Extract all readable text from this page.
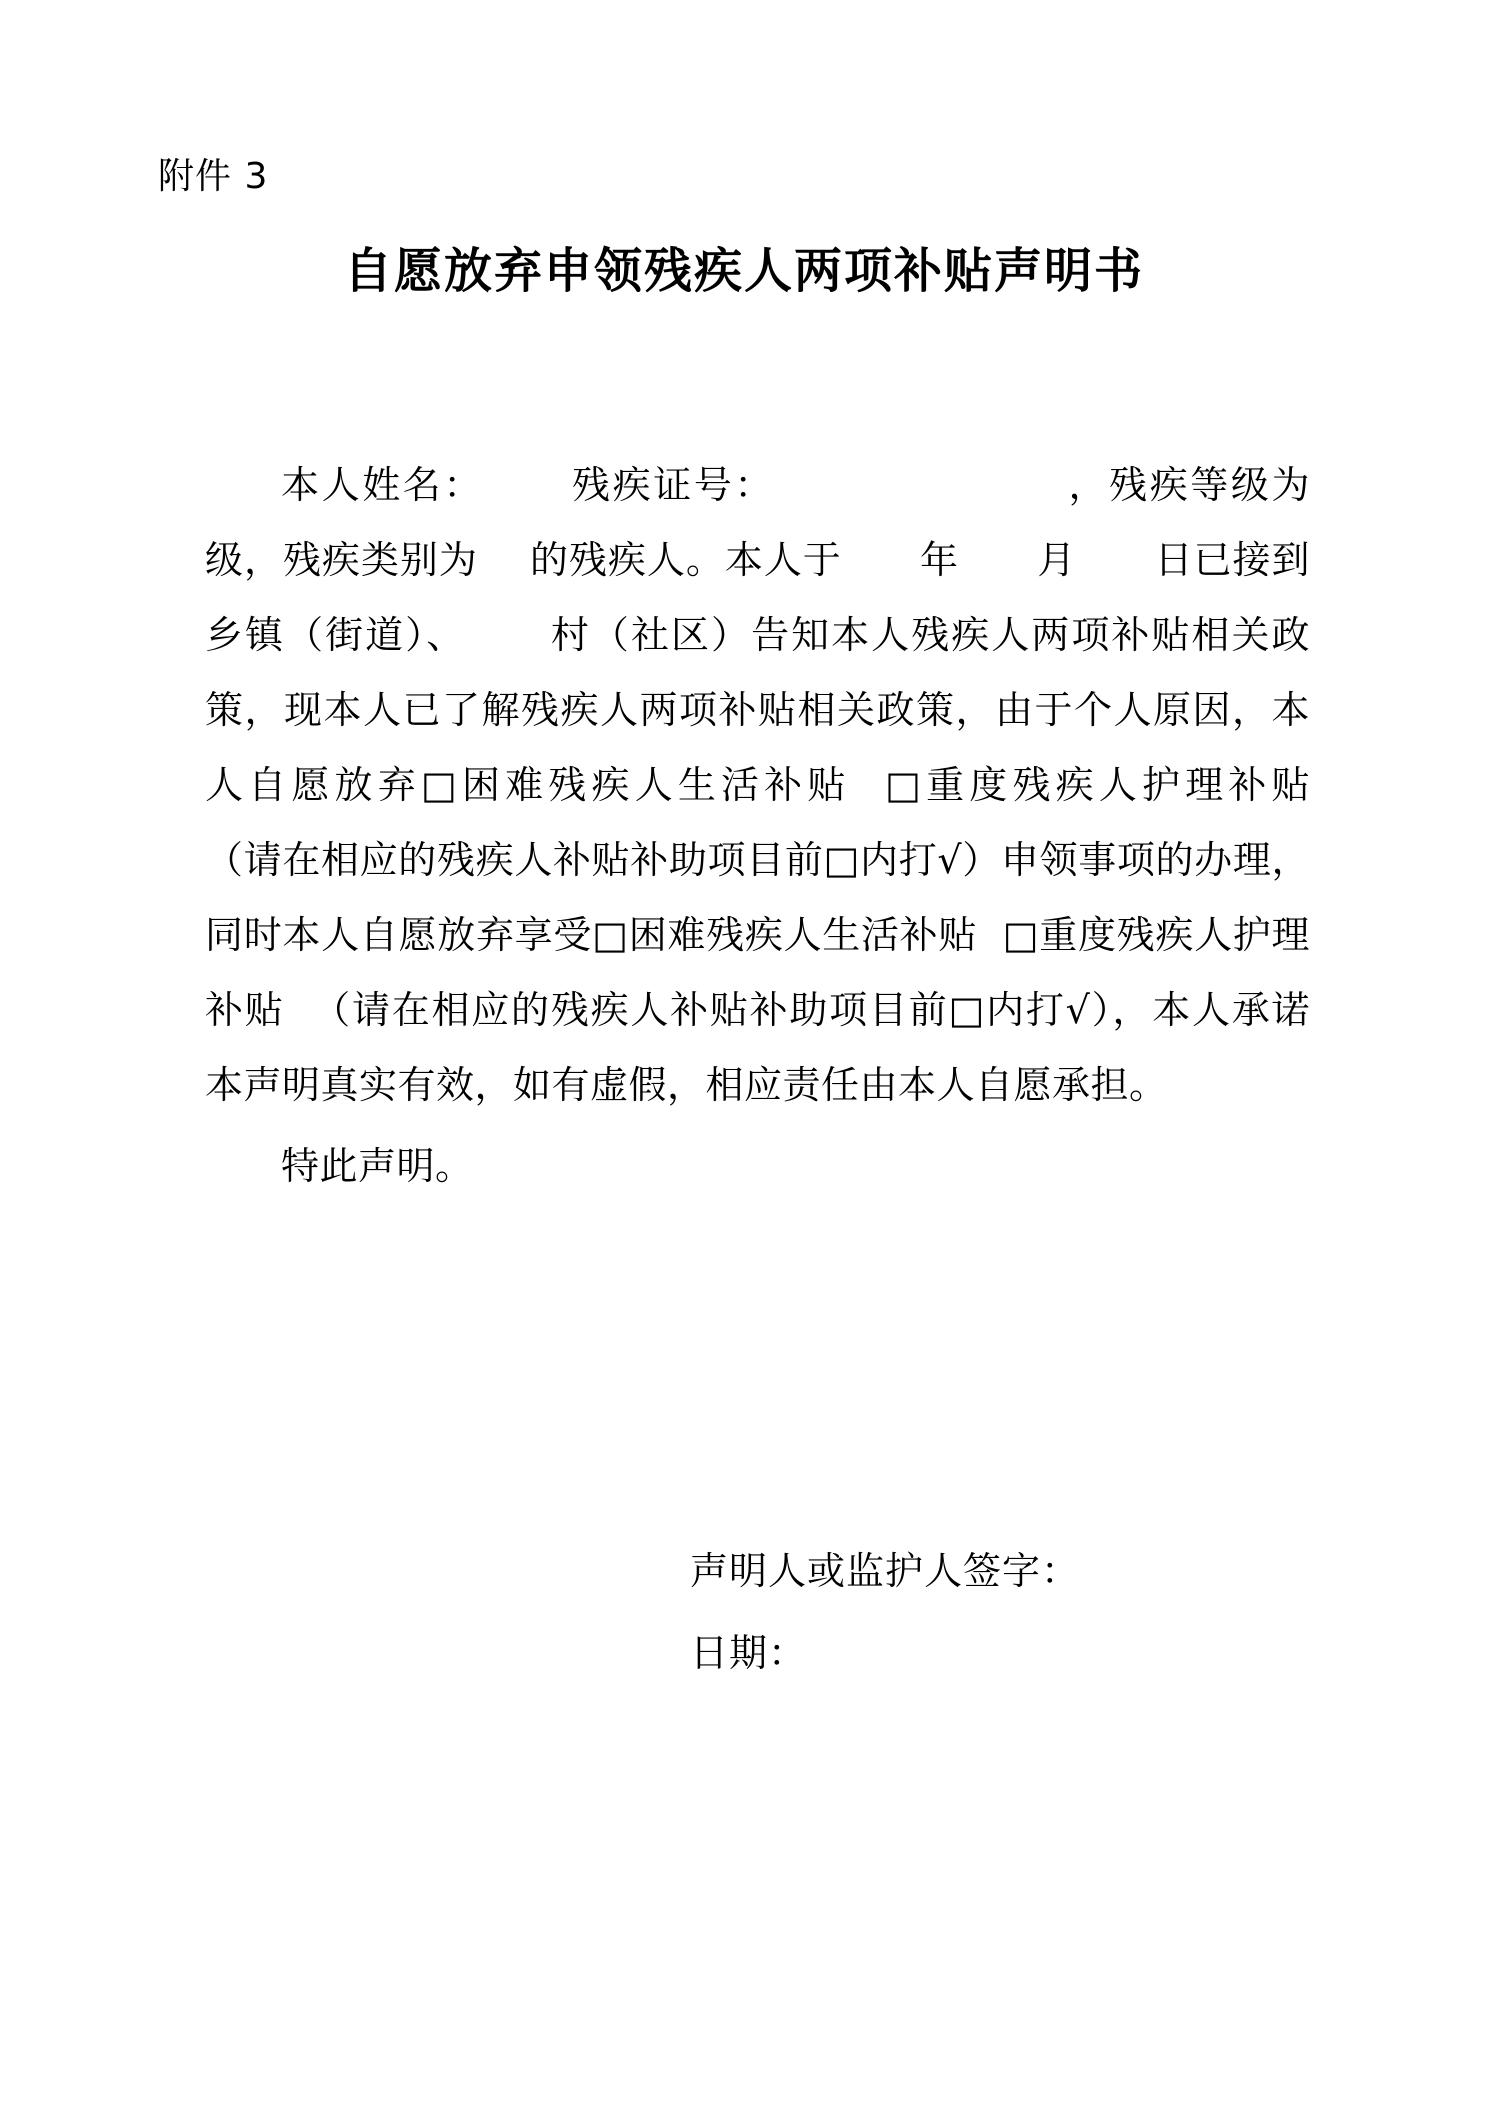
附件 3
自愿放弃申领残疾人两项补贴声明书
本人姓名：      残疾证号：                    ，残疾等级为    级，残疾类别为    的残疾人。本人于      年      月      日已接到      乡镇（街道）、      村（社区）告知本人残疾人两项补贴相关政策，现本人已了解残疾人两项补贴相关政策，由于个人原因，本人自愿放弃□困难残疾人生活补贴  □重度残疾人护理补贴    （请在相应的残疾人补贴补助项目前□内打√）申领事项的办理，同时本人自愿放弃享受□困难残疾人生活补贴  □重度残疾人护理补贴  （请在相应的残疾人补贴补助项目前□内打√），本人承诺本声明真实有效，如有虚假，相应责任由本人自愿承担。
特此声明。
声明人或监护人签字：
日期：
